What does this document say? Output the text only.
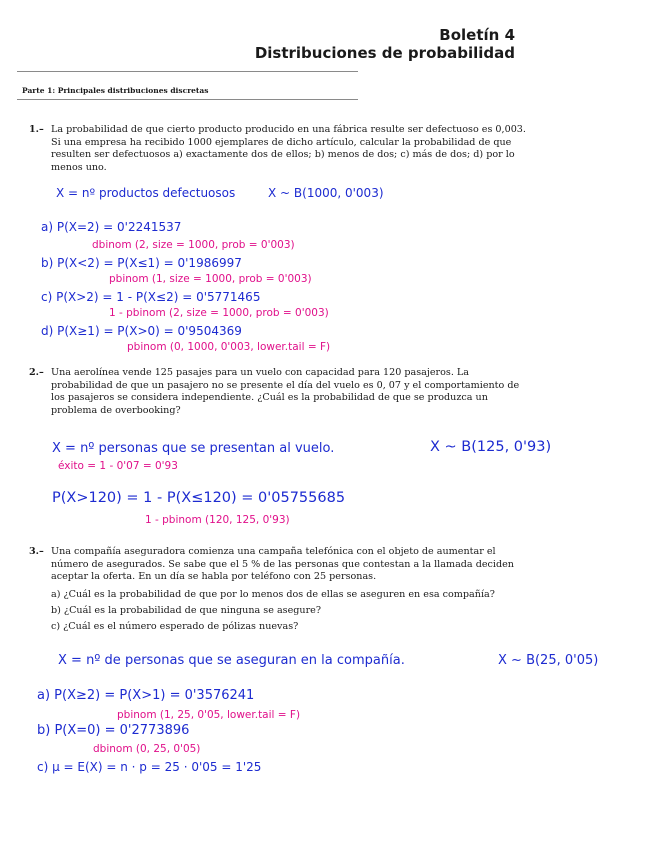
Boletín 4
Distribuciones de probabilidad
Parte 1: Principales distribuciones discretas
1.– La probabilidad de que cierto producto producido en una fábrica resulte ser defectuoso es 0,003. Si una empresa ha recibido 1000 ejemplares de dicho artículo, calcular la probabilidad de que resulten ser defectuosos a) exactamente dos de ellos; b) menos de dos; c) más de dos; d) por lo menos uno.
X = nº productos defectuosos	X ~ B(1000, 0'003)
a) P(X=2) = 0'2241537
dbinom (2, size = 1000, prob = 0'003)
b) P(X<2) = P(X≤1) = 0'1986997
pbinom (1, size = 1000, prob = 0'003)
c) P(X>2) = 1 - P(X≤2) = 0'5771465
1 - pbinom (2, size = 1000, prob = 0'003)
d) P(X≥1) = P(X>0) = 0'9504369
pbinom (0, 1000, 0'003, lower.tail = F)
2.– Una aerolínea vende 125 pasajes para un vuelo con capacidad para 120 pasajeros. La probabilidad de que un pasajero no se presente el día del vuelo es 0, 07 y el comportamiento de los pasajeros se considera independiente. ¿Cuál es la probabilidad de que se produzca un problema de overbooking?
X = nº personas que se presentan al vuelo.	X ~ B(125, 0'93)
éxito = 1 - 0'07 = 0'93
P(X>120) = 1 - P(X≤120) = 0'05755685
1 - pbinom (120, 125, 0'93)
3.– Una compañía aseguradora comienza una campaña telefónica con el objeto de aumentar el número de asegurados. Se sabe que el 5 % de las personas que contestan a la llamada deciden aceptar la oferta. En un día se habla por teléfono con 25 personas.
a) ¿Cuál es la probabilidad de que por lo menos dos de ellas se aseguren en esa compañía?
b) ¿Cuál es la probabilidad de que ninguna se asegure?
c) ¿Cuál es el número esperado de pólizas nuevas?
X = nº de personas que se aseguran en la compañía.	X ~ B(25, 0'05)
a) P(X≥2) = P(X>1) = 0'3576241
pbinom (1, 25, 0'05, lower.tail = F)
b) P(X=0) = 0'2773896
dbinom (0, 25, 0'05)
c) μ = E(X) = n · p = 25 · 0'05 = 1'25
